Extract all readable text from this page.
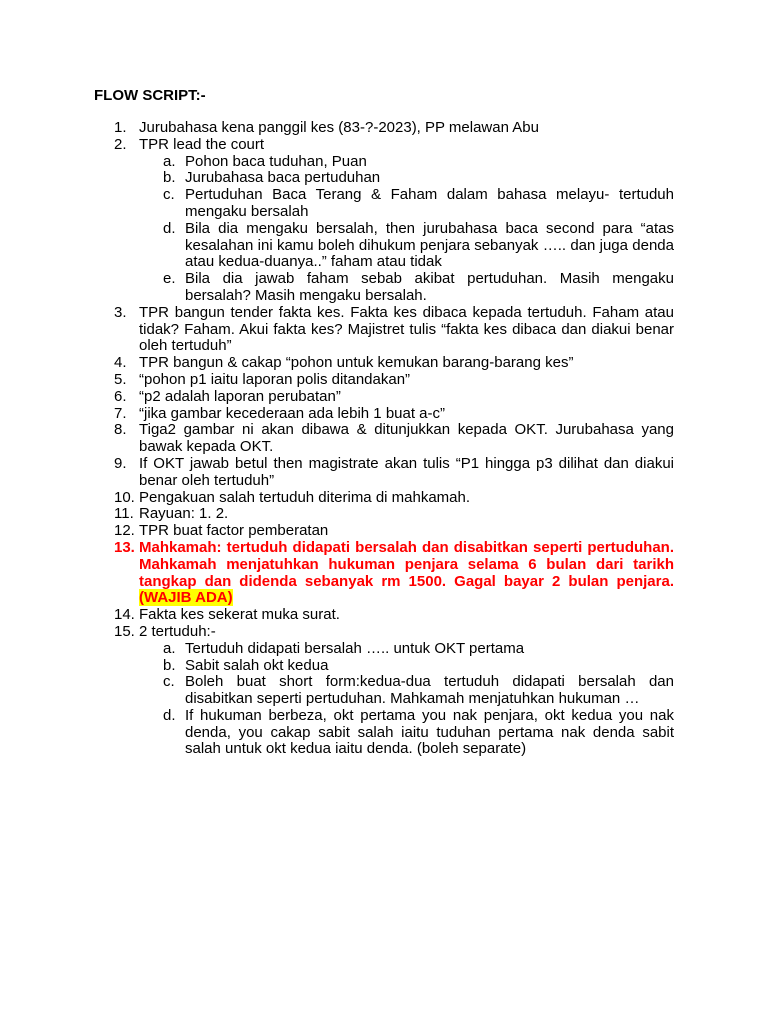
FLOW SCRIPT:-
1. Jurubahasa kena panggil kes (83-?-2023), PP melawan Abu
2. TPR lead the court
a. Pohon baca tuduhan, Puan
b. Jurubahasa baca pertuduhan
c. Pertuduhan Baca Terang & Faham dalam bahasa melayu- tertuduh mengaku bersalah
d. Bila dia mengaku bersalah, then jurubahasa baca second para “atas kesalahan ini kamu boleh dihukum penjara sebanyak ….. dan juga denda atau kedua-duanya..” faham atau tidak
e. Bila dia jawab faham sebab akibat pertuduhan. Masih mengaku bersalah? Masih mengaku bersalah.
3. TPR bangun tender fakta kes. Fakta kes dibaca kepada tertuduh. Faham atau tidak? Faham. Akui fakta kes? Majistret tulis “fakta kes dibaca dan diakui benar oleh tertuduh”
4. TPR bangun & cakap “pohon untuk kemukan barang-barang kes”
5. “pohon p1 iaitu laporan polis ditandakan”
6. “p2 adalah laporan perubatan”
7. “jika gambar kecederaan ada lebih 1 buat a-c”
8. Tiga2 gambar ni akan dibawa & ditunjukkan kepada OKT. Jurubahasa yang bawak kepada OKT.
9. If OKT jawab betul then magistrate akan tulis “P1 hingga p3 dilihat dan diakui benar oleh tertuduh”
10. Pengakuan salah tertuduh diterima di mahkamah.
11. Rayuan: 1. 2.
12. TPR buat factor pemberatan
13. Mahkamah: tertuduh didapati bersalah dan disabitkan seperti pertuduhan. Mahkamah menjatuhkan hukuman penjara selama 6 bulan dari tarikh tangkap dan didenda sebanyak rm 1500. Gagal bayar 2 bulan penjara. (WAJIB ADA)
14. Fakta kes sekerat muka surat.
15. 2 tertuduh:-
a. Tertuduh didapati bersalah ….. untuk OKT pertama
b. Sabit salah okt kedua
c. Boleh buat short form:kedua-dua tertuduh didapati bersalah dan disabitkan seperti pertuduhan. Mahkamah menjatuhkan hukuman …
d. If hukuman berbeza, okt pertama you nak penjara, okt kedua you nak denda, you cakap sabit salah iaitu tuduhan pertama nak denda sabit salah untuk okt kedua iaitu denda. (boleh separate)
